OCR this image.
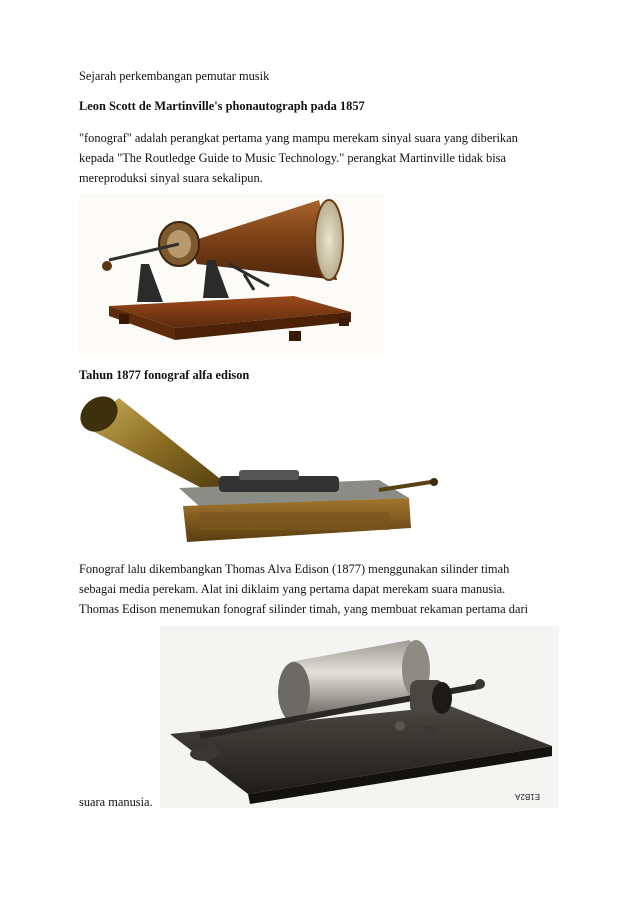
Sejarah perkembangan pemutar musik
Leon Scott de Martinville's phonautograph pada 1857
"fonograf" adalah perangkat pertama yang mampu merekam sinyal suara yang diberikan
kepada "The Routledge Guide to Music Technology." perangkat Martinville tidak bisa
mereproduksi sinyal suara sekalipun.
Tahun 1877 fonograf alfa edison
Fonograf lalu dikembangkan Thomas Alva Edison (1877) menggunakan silinder timah
sebagai media perekam. Alat ini diklaim yang pertama dapat merekam suara manusia.
Thomas Edison menemukan fonograf silinder timah, yang membuat rekaman pertama dari
E1B2A
suara manusia.
